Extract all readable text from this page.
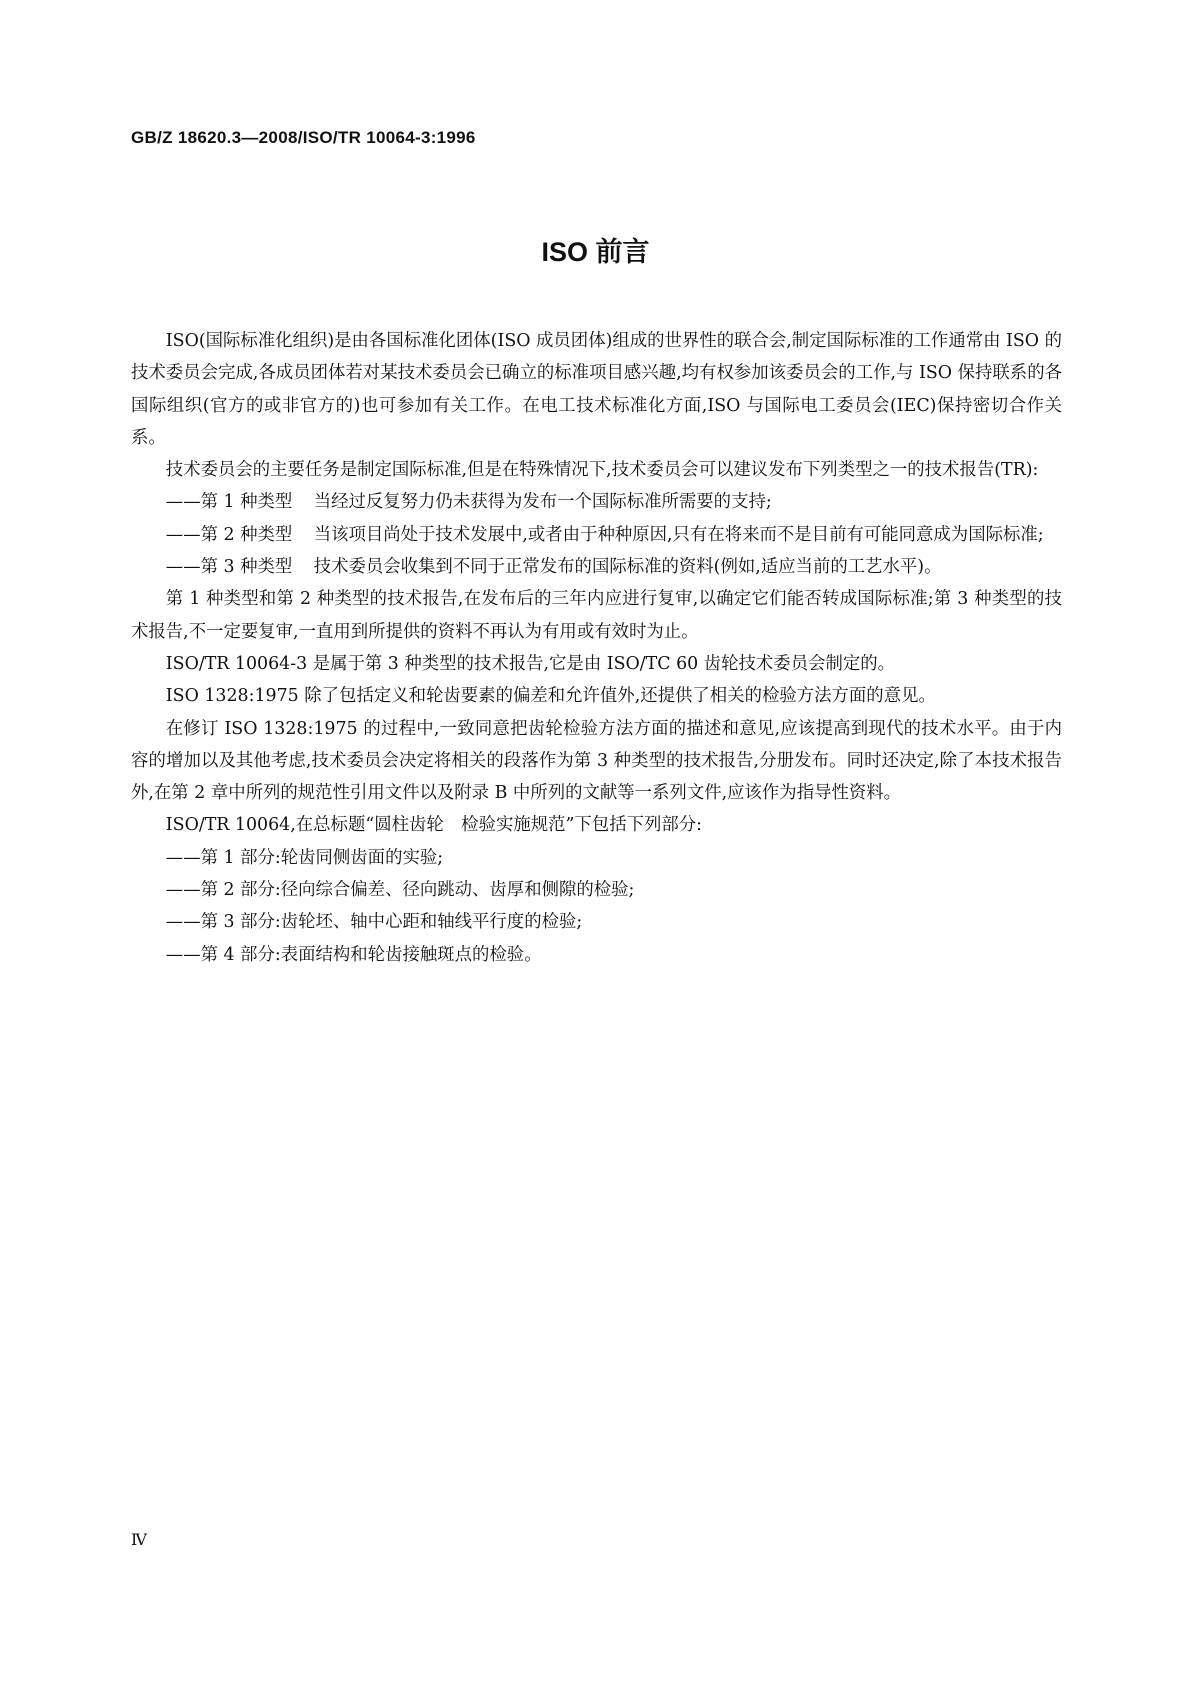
GB/Z 18620.3—2008/ISO/TR 10064-3:1996
ISO 前言

ISO(国际标准化组织)是由各国标准化团体(ISO 成员团体)组成的世界性的联合会,制定国际标准的工作通常由 ISO 的技术委员会完成,各成员团体若对某技术委员会已确立的标准项目感兴趣,均有权参加该委员会的工作,与 ISO 保持联系的各国际组织(官方的或非官方的)也可参加有关工作。在电工技术标准化方面,ISO 与国际电工委员会(IEC)保持密切合作关系。

技术委员会的主要任务是制定国际标准,但是在特殊情况下,技术委员会可以建议发布下列类型之一的技术报告(TR):

——第 1 种类型	当经过反复努力仍未获得为发布一个国际标准所需要的支持;
——第 2 种类型	当该项目尚处于技术发展中,或者由于种种原因,只有在将来而不是目前有可能同意成为国际标准;
——第 3 种类型	技术委员会收集到不同于正常发布的国际标准的资料(例如,适应当前的工艺水平)。

第 1 种类型和第 2 种类型的技术报告,在发布后的三年内应进行复审,以确定它们能否转成国际标准;第 3 种类型的技术报告,不一定要复审,一直用到所提供的资料不再认为有用或有效时为止。

ISO/TR 10064-3 是属于第 3 种类型的技术报告,它是由 ISO/TC 60 齿轮技术委员会制定的。

ISO 1328:1975 除了包括定义和轮齿要素的偏差和允许值外,还提供了相关的检验方法方面的意见。

在修订 ISO 1328:1975 的过程中,一致同意把齿轮检验方法方面的描述和意见,应该提高到现代的技术水平。由于内容的增加以及其他考虑,技术委员会决定将相关的段落作为第 3 种类型的技术报告,分册发布。同时还决定,除了本技术报告外,在第 2 章中所列的规范性引用文件以及附录 B 中所列的文献等一系列文件,应该作为指导性资料。

ISO/TR 10064,在总标题“圆柱齿轮　检验实施规范”下包括下列部分:

——第 1 部分:轮齿同侧齿面的实验;

——第 2 部分:径向综合偏差、径向跳动、齿厚和侧隙的检验;

——第 3 部分:齿轮坯、轴中心距和轴线平行度的检验;

——第 4 部分:表面结构和轮齿接触斑点的检验。

Ⅳ
